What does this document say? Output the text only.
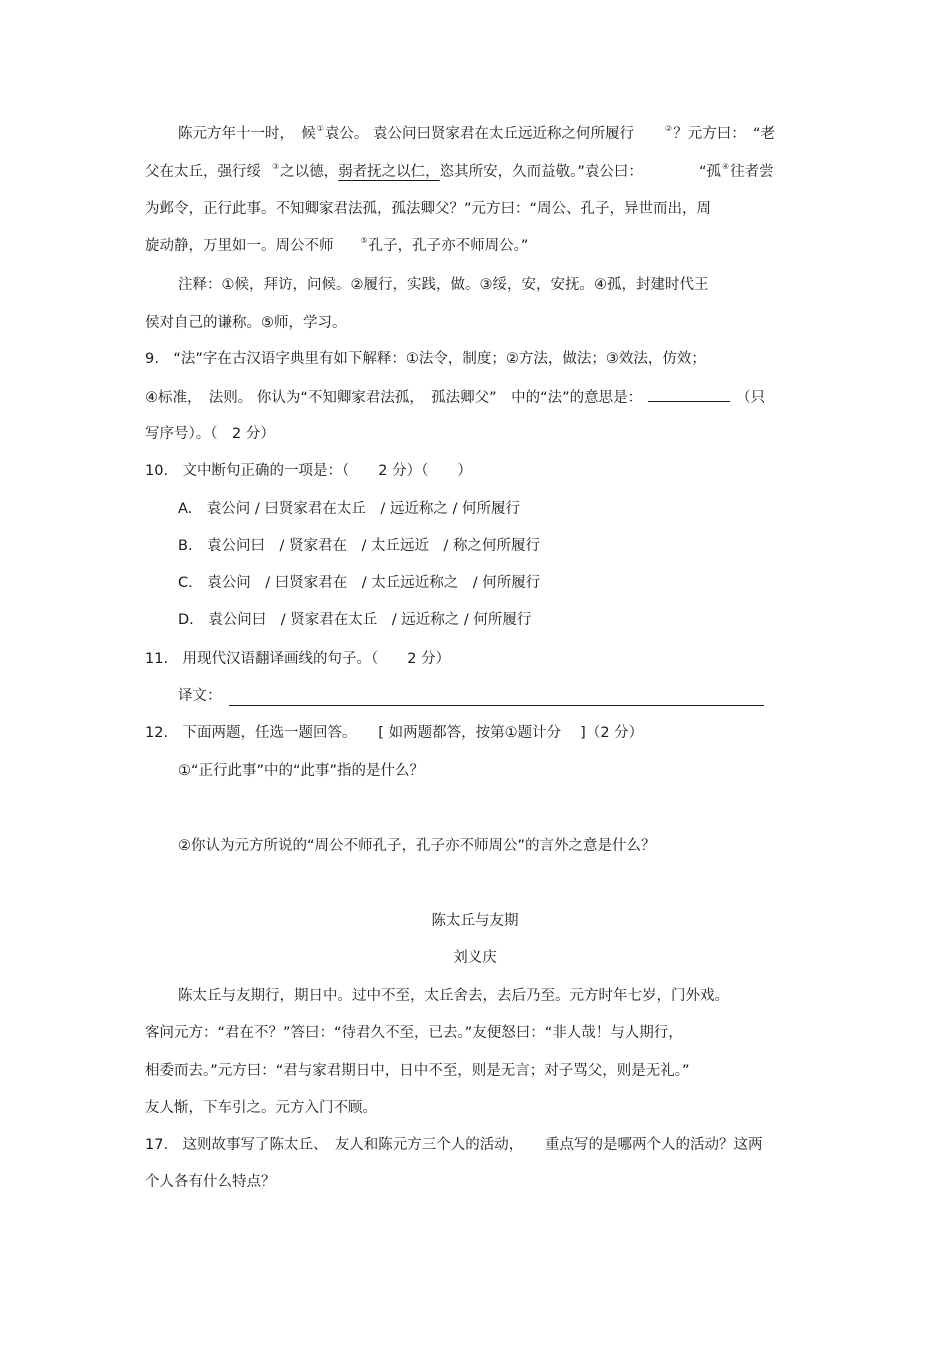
陈元方年十一时，　候①袁公。 袁公问曰贤家君在太丘远近称之何所履行	②？元方曰：　“老
父在太丘，强行绥 ③之以德，弱者抚之以仁，恣其所安，久而益敬。”袁公曰：	“孤④往者尝
为邺令，正行此事。不知卿家君法孤，孤法卿父？”元方曰：“周公、孔子，异世而出，周
旋动静，万里如一。周公不师	⑤孔子，孔子亦不师周公。”
注释：①候，拜访，问候。②履行，实践，做。③绥，安，安抚。④孤，封建时代王
侯对自己的谦称。⑤师，学习。
9.　“法”字在古汉语字典里有如下解释：①法令，制度；②方法，做法；③效法，仿效；
④标准，　法则。 你认为“不知卿家君法孤，　孤法卿父”　中的“法”的意思是：	（只
写序号）。（　2 分）
10.　文中断句正确的一项是：（　　2 分）（　　）
A.　袁公问 / 曰贤家君在太丘　/ 远近称之 / 何所履行
B.　袁公问曰　/ 贤家君在　/ 太丘远近　/ 称之何所履行
C.　袁公问　/ 曰贤家君在　/ 太丘远近称之　/ 何所履行
D.　袁公问曰　/ 贤家君在太丘　/ 远近称之 / 何所履行
11.　用现代汉语翻译画线的句子。（　　2 分）
译文：
12.　下面两题，任选一题回答。　　[ 如两题都答，按第①题计分　 ]（2 分）
①“正行此事”中的“此事”指的是什么？
②你认为元方所说的“周公不师孔子，孔子亦不师周公”的言外之意是什么？
陈太丘与友期
刘义庆
陈太丘与友期行，期日中。过中不至，太丘舍去，去后乃至。元方时年七岁，门外戏。
客问元方：“君在不？”答曰：“待君久不至，已去。”友便怒曰：“非人哉！与人期行，
相委而去。”元方曰：“君与家君期日中，日中不至，则是无言；对子骂父，则是无礼。”
友人惭，下车引之。元方入门不顾。
17.　这则故事写了陈太丘、　友人和陈元方三个人的活动，　　重点写的是哪两个人的活动？这两
个人各有什么特点？
